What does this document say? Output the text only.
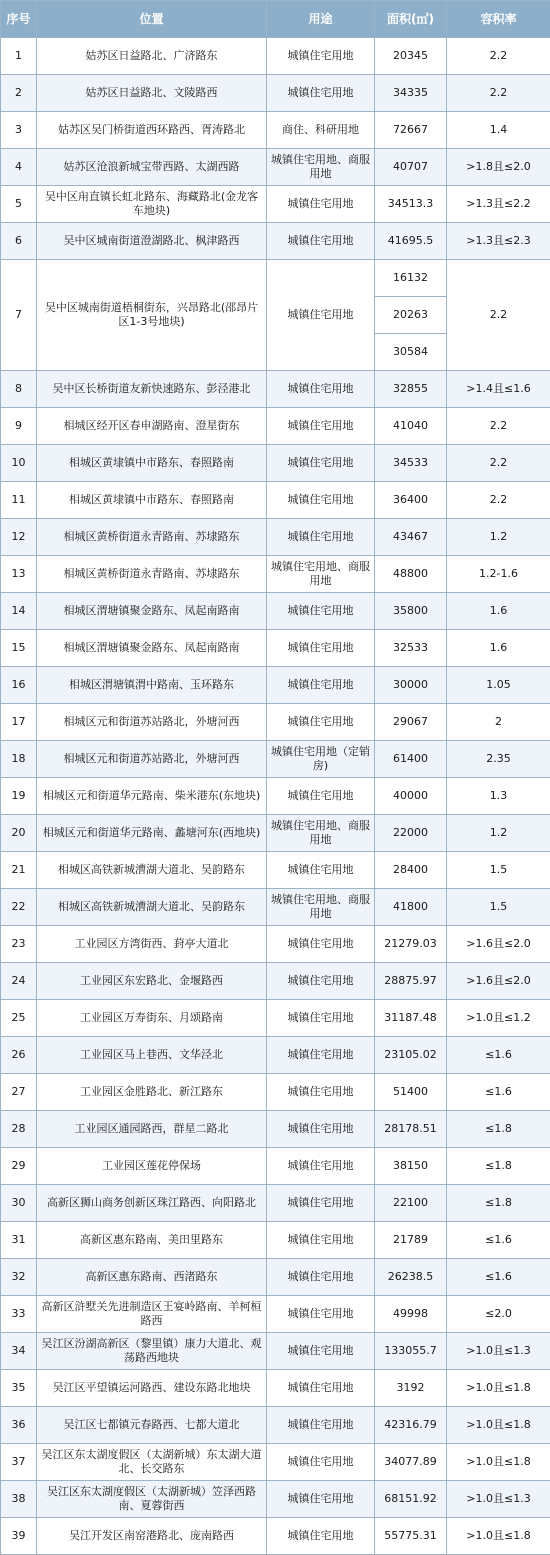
序号	位置	用途	面积(㎡)	容积率
1	姑苏区日益路北、广济路东	城镇住宅用地	20345	2.2
2	姑苏区日益路北、文陵路西	城镇住宅用地	34335	2.2
3	姑苏区吴门桥街道西环路西、胥涛路北	商住、科研用地	72667	1.4
4	姑苏区沧浪新城宝带西路、太湖西路	城镇住宅用地、商服 用地	40707	>1.8且≤2.0
5	吴中区甪直镇长虹北路东、海藏路北(金龙客车地块)	城镇住宅用地	34513.3	>1.3且≤2.2
6	吴中区城南街道澄湖路北、枫津路西	城镇住宅用地	41695.5	>1.3且≤2.3
7	吴中区城南街道梧桐街东，兴昂路北(邵昂片区1-3号地块)	城镇住宅用地	16132	2.2
			20263	
			30584	
8	吴中区长桥街道友新快速路东、彭泾港北	城镇住宅用地	32855	>1.4且≤1.6
9	相城区经开区春申湖路南、澄星街东	城镇住宅用地	41040	2.2
10	相城区黄埭镇中市路东、春照路南	城镇住宅用地	34533	2.2
11	相城区黄埭镇中市路东、春照路南	城镇住宅用地	36400	2.2
12	相城区黄桥街道永青路南、苏埭路东	城镇住宅用地	43467	1.2
13	相城区黄桥街道永青路南、苏埭路东	城镇住宅用地、商服 用地	48800	1.2-1.6
14	相城区渭塘镇聚金路东、凤起南路南	城镇住宅用地	35800	1.6
15	相城区渭塘镇聚金路东、凤起南路南	城镇住宅用地	32533	1.6
16	相城区渭塘镇渭中路南、玉环路东	城镇住宅用地	30000	1.05
17	相城区元和街道苏站路北，外塘河西	城镇住宅用地	29067	2
18	相城区元和街道苏站路北，外塘河西	城镇住宅用地（定销 房)	61400	2.35
19	相城区元和街道华元路南、柴米港东(东地块)	城镇住宅用地	40000	1.3
20	相城区元和街道华元路南、蠡塘河东(西地块)	城镇住宅用地、商服用地	22000	1.2
21	相城区高铁新城漕湖大道北、吴韵路东	城镇住宅用地	28400	1.5
22	相城区高铁新城漕湖大道北、吴韵路东	城镇住宅用地、商服用地	41800	1.5
23	工业园区方湾街西、葑亭大道北	城镇住宅用地	21279.03	>1.6且≤2.0
24	工业园区东宏路北、金堰路西	城镇住宅用地	28875.97	>1.6且≤2.0
25	工业园区万寿街东、月颂路南	城镇住宅用地	31187.48	>1.0且≤1.2
26	工业园区马上巷西、文华泾北	城镇住宅用地	23105.02	≤1.6
27	工业园区金胜路北、新江路东	城镇住宅用地	51400	≤1.6
28	工业园区通园路西，群星二路北	城镇住宅用地	28178.51	≤1.8
29	工业园区莲花停保场	城镇住宅用地	38150	≤1.8
30	高新区狮山商务创新区珠江路西、向阳路北	城镇住宅用地	22100	≤1.8
31	高新区惠东路南、美田里路东	城镇住宅用地	21789	≤1.6
32	高新区惠东路南、西渚路东	城镇住宅用地	26238.5	≤1.6
33	高新区浒墅关先进制造区王宴岭路南、羊柯桓路西	城镇住宅用地	49998	≤2.0
34	吴江区汾湖高新区（黎里镇）康力大道北、观荡路西地块	城镇住宅用地	133055.7	>1.0且≤1.3
35	吴江区平望镇运河路西、建设东路北地块	城镇住宅用地	3192	>1.0且≤1.8
36	吴江区七都镇元春路西、七都大道北	城镇住宅用地	42316.79	>1.0且≤1.8
37	吴江区东太湖度假区（太湖新城）东太湖大道北、长交路东	城镇住宅用地	34077.89	>1.0且≤1.8
38	吴江区东太湖度假区（太湖新城）笠泽西路南、夏蓉街西	城镇住宅用地	68151.92	>1.0且≤1.3
39	吴江开发区南窑港路北、庞南路西	城镇住宅用地	55775.31	>1.0且≤1.8
